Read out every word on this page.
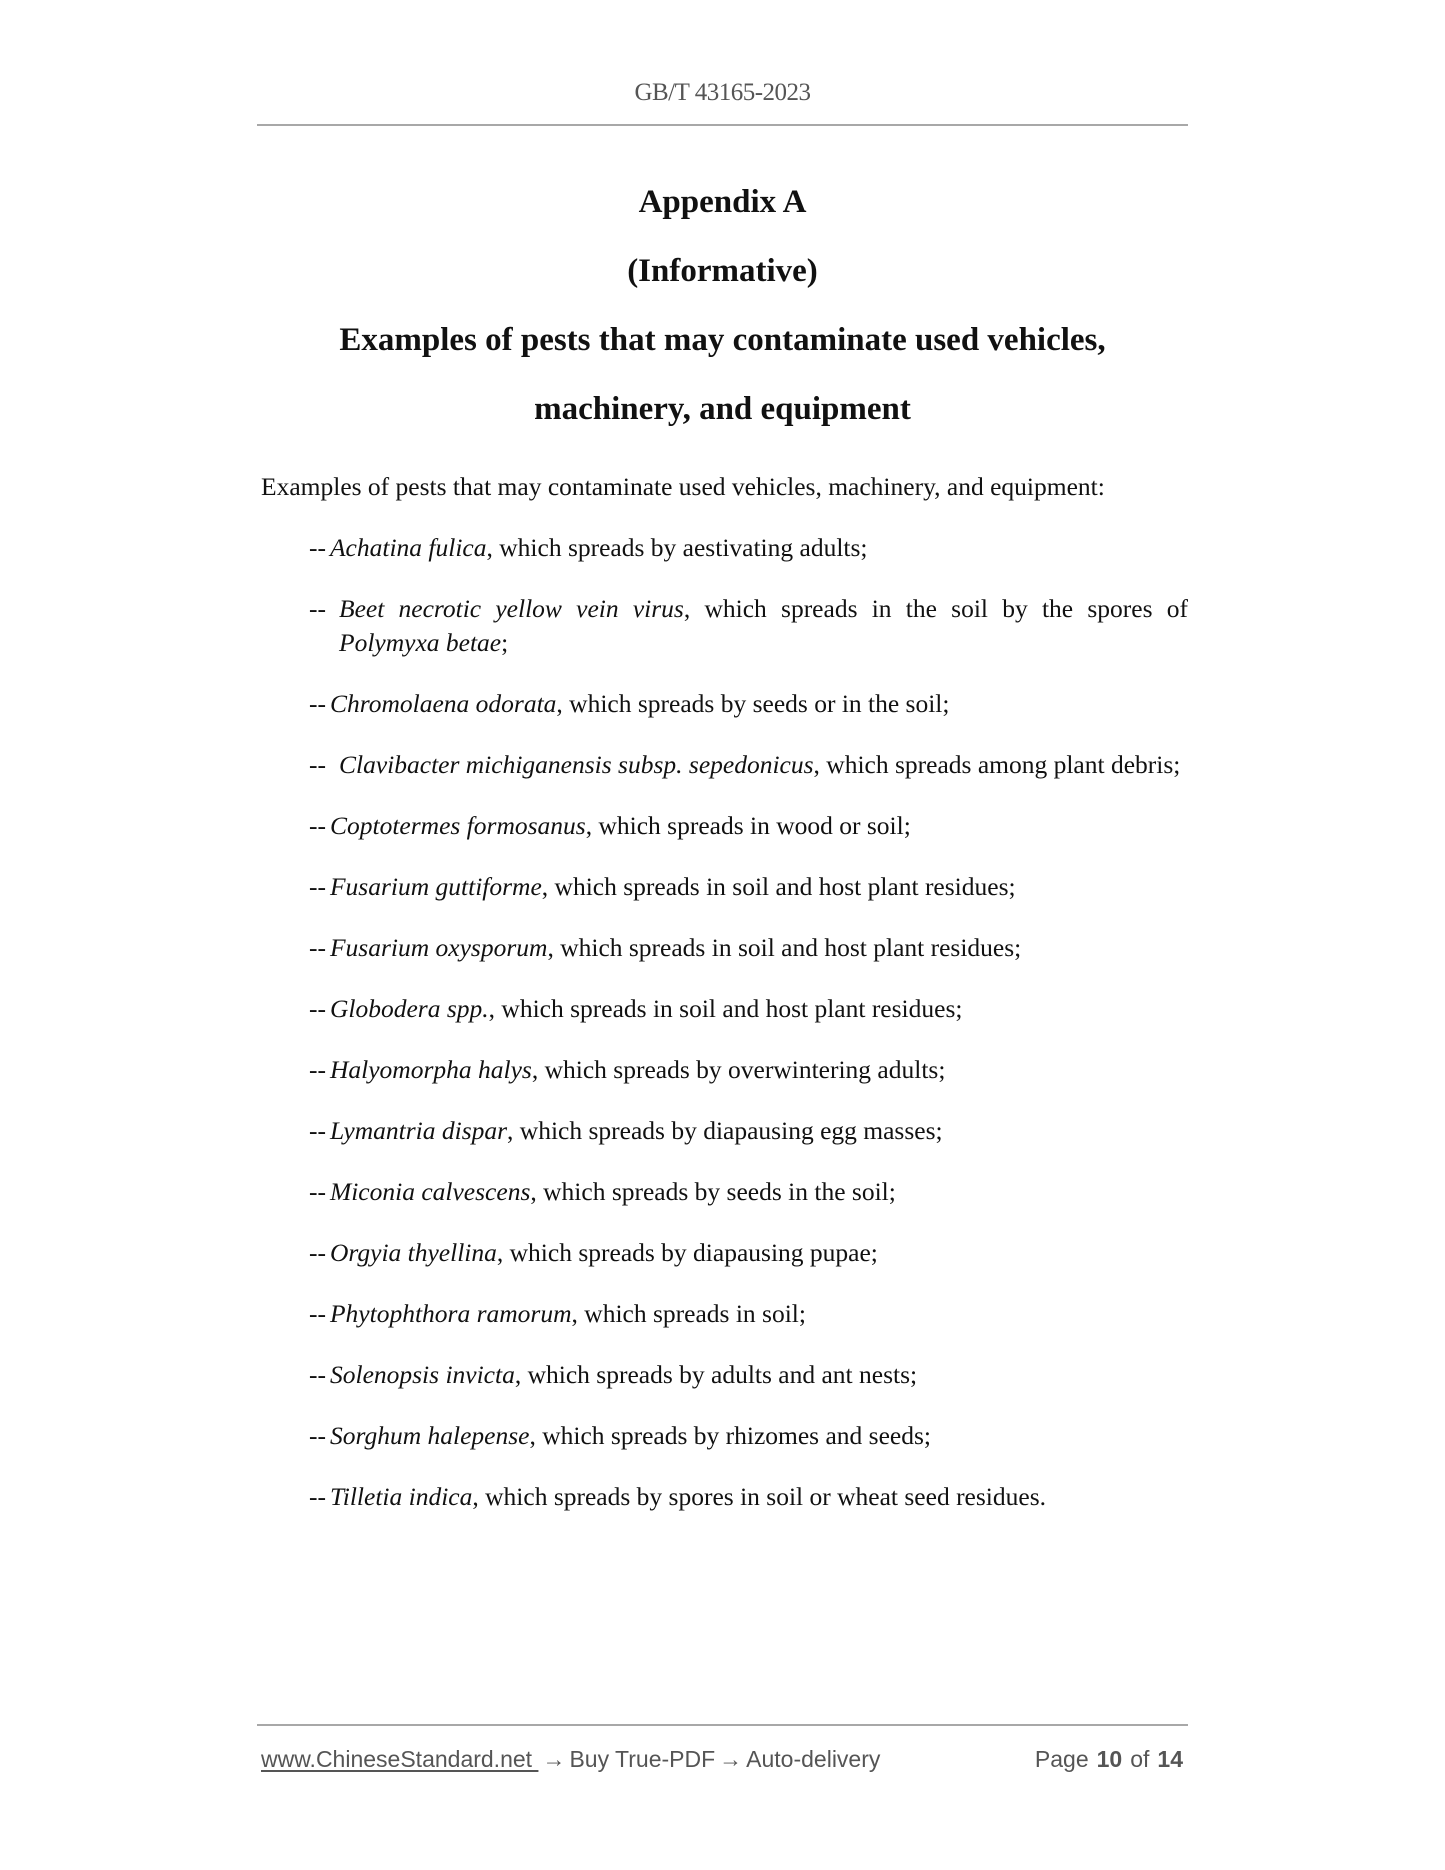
GB/T 43165-2023
Appendix A
(Informative)
Examples of pests that may contaminate used vehicles,
machinery, and equipment

Examples of pests that may contaminate used vehicles, machinery, and equipment:

-- Achatina fulica, which spreads by aestivating adults;
-- Beet necrotic yellow vein virus, which spreads in the soil by the spores of Polymyxa betae;
-- Chromolaena odorata, which spreads by seeds or in the soil;
-- Clavibacter michiganensis subsp. sepedonicus, which spreads among plant debris;
-- Coptotermes formosanus, which spreads in wood or soil;
-- Fusarium guttiforme, which spreads in soil and host plant residues;
-- Fusarium oxysporum, which spreads in soil and host plant residues;
-- Globodera spp., which spreads in soil and host plant residues;
-- Halyomorpha halys, which spreads by overwintering adults;
-- Lymantria dispar, which spreads by diapausing egg masses;
-- Miconia calvescens, which spreads by seeds in the soil;
-- Orgyia thyellina, which spreads by diapausing pupae;
-- Phytophthora ramorum, which spreads in soil;
-- Solenopsis invicta, which spreads by adults and ant nests;
-- Sorghum halepense, which spreads by rhizomes and seeds;
-- Tilletia indica, which spreads by spores in soil or wheat seed residues.
www.ChineseStandard.net → Buy True-PDF → Auto-delivery	Page 10 of 14
